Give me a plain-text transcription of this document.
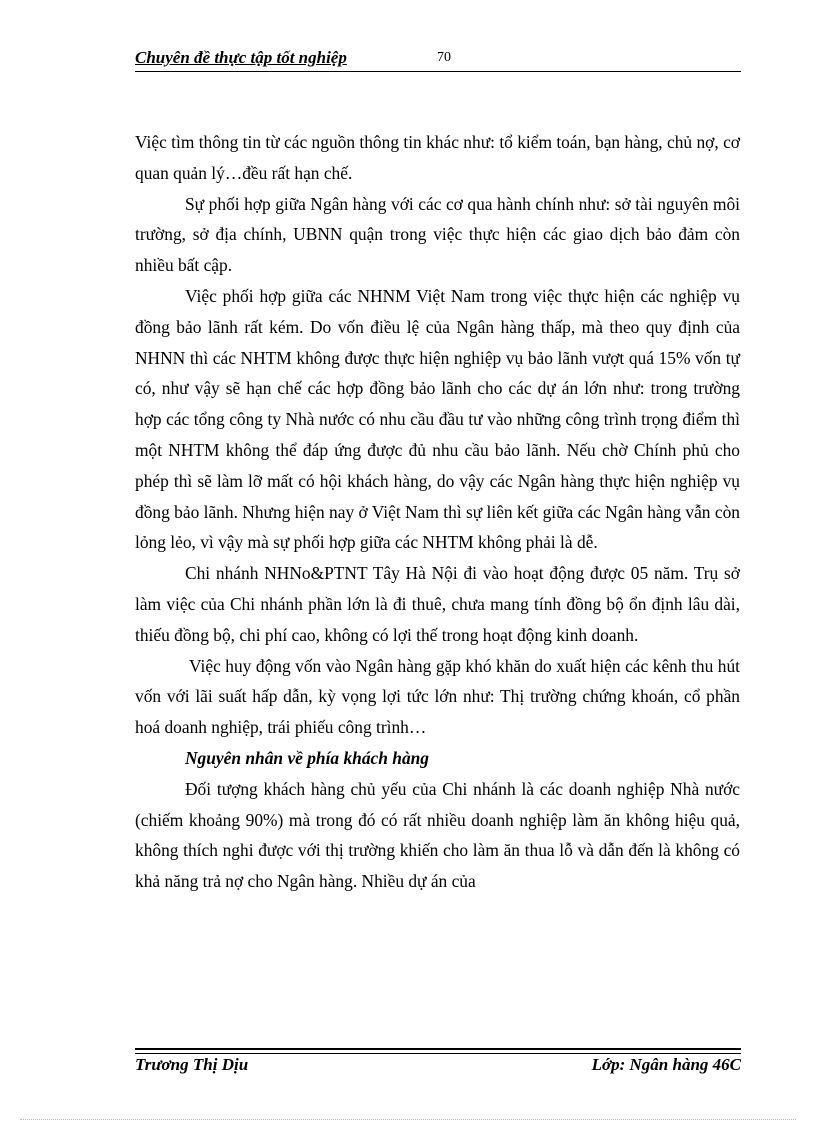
Chuyên đề thực tập tốt nghiệp	70

Việc tìm thông tin từ các nguồn thông tin khác như: tổ kiểm toán, bạn hàng, chủ nợ, cơ quan quản lý…đều rất hạn chế.

Sự phối hợp giữa Ngân hàng với các cơ qua hành chính như: sở tài nguyên môi trường, sở địa chính, UBNN quận trong việc thực hiện các giao dịch bảo đảm còn nhiều bất cập.

Việc phối hợp giữa các NHNM Việt Nam trong việc thực hiện các nghiệp vụ đồng bảo lãnh rất kém. Do vốn điều lệ của Ngân hàng thấp, mà theo quy định của NHNN thì các NHTM không được thực hiện nghiệp vụ bảo lãnh vượt quá 15% vốn tự có, như vậy sẽ hạn chế các hợp đồng bảo lãnh cho các dự án lớn như: trong trường hợp các tổng công ty Nhà nước có nhu cầu đầu tư vào những công trình trọng điểm thì một NHTM không thể đáp ứng được đủ nhu cầu bảo lãnh. Nếu chờ Chính phủ cho phép thì sẽ làm lỡ mất có hội khách hàng, do vậy các Ngân hàng thực hiện nghiệp vụ đồng bảo lãnh. Nhưng hiện nay ở Việt Nam thì sự liên kết giữa các Ngân hàng vẫn còn lỏng lẻo, vì vậy mà sự phối hợp giữa các NHTM không phải là dễ.

Chi nhánh NHNo&PTNT Tây Hà Nội đi vào hoạt động được 05 năm. Trụ sở làm việc của Chi nhánh phần lớn là đi thuê, chưa mang tính đồng bộ ổn định lâu dài, thiếu đồng bộ, chi phí cao, không có lợi thế trong hoạt động kinh doanh.

Việc huy động vốn vào Ngân hàng gặp khó khăn do xuất hiện các kênh thu hút vốn với lãi suất hấp dẫn, kỳ vọng lợi tức lớn như: Thị trường chứng khoán, cổ phần hoá doanh nghiệp, trái phiếu công trình…

Nguyên nhân về phía khách hàng

Đối tượng khách hàng chủ yếu của Chi nhánh là các doanh nghiệp Nhà nước (chiếm khoảng 90%) mà trong đó có rất nhiều doanh nghiệp làm ăn không hiệu quả, không thích nghi được với thị trường khiến cho làm ăn thua lỗ và dẫn đến là không có khả năng trả nợ cho Ngân hàng. Nhiều dự án của

Trương Thị Dịu	Lớp: Ngân hàng 46C
